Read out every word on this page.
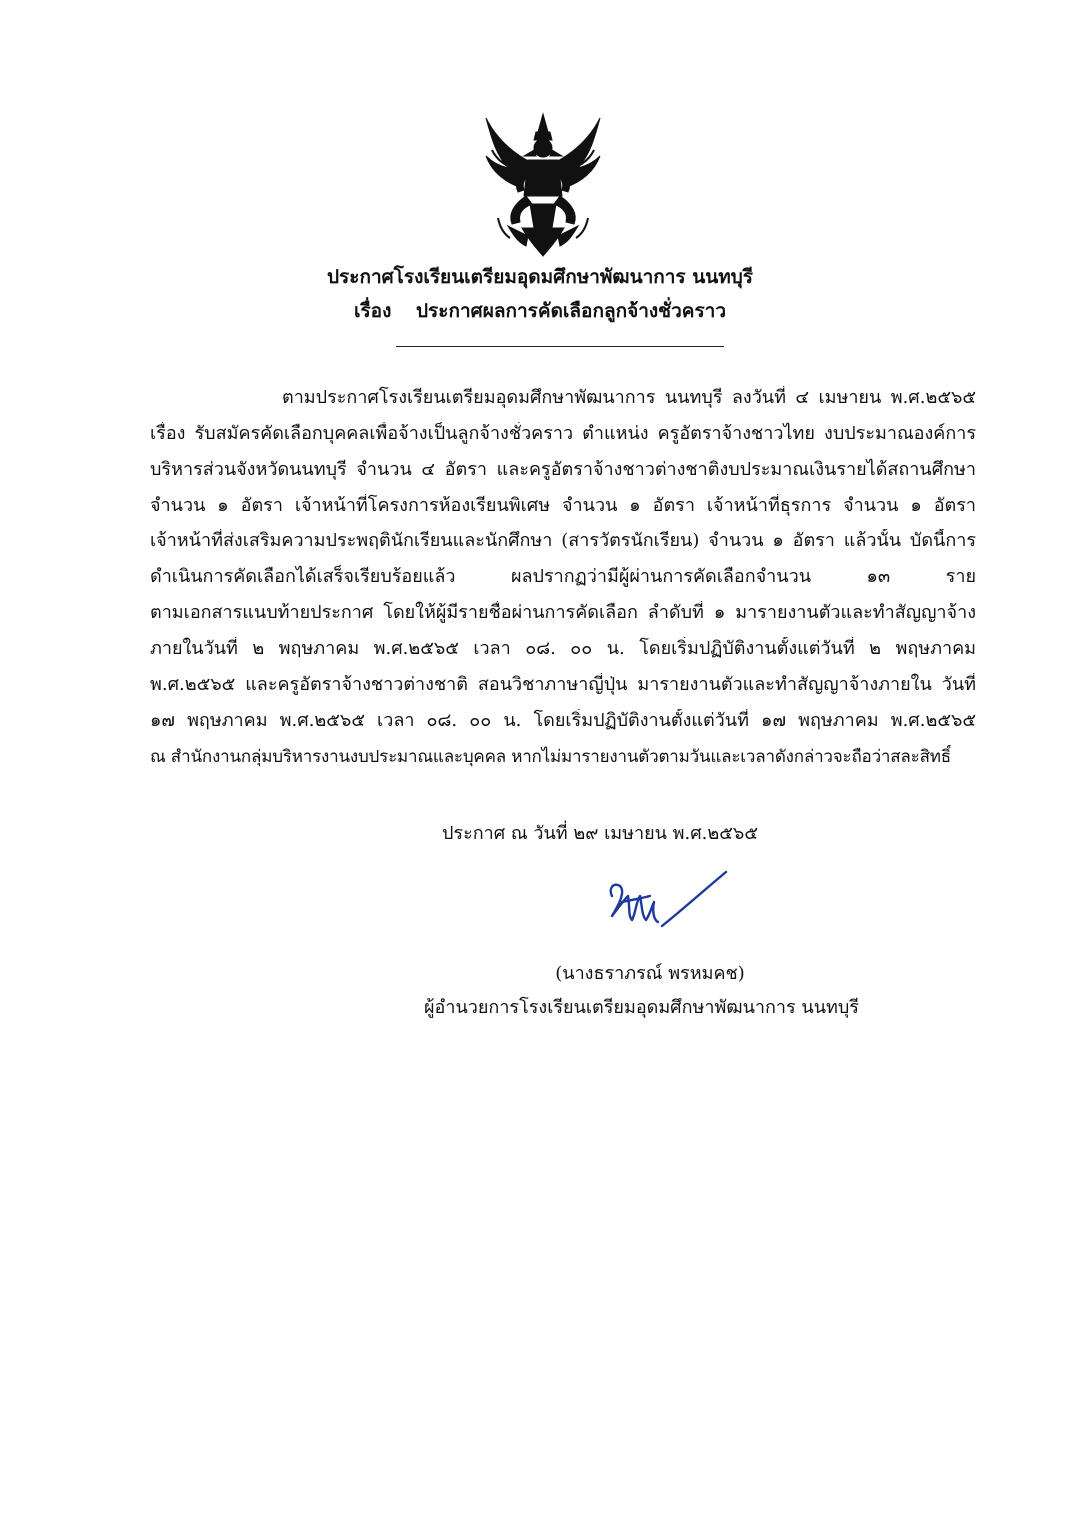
ประกาศโรงเรียนเตรียมอุดมศึกษาพัฒนาการ นนทบุรี
เรื่อง ประกาศผลการคัดเลือกลูกจ้างชั่วคราว
ตามประกาศโรงเรียนเตรียมอุดมศึกษาพัฒนาการ นนทบุรี ลงวันที่ ๔ เมษายน พ.ศ.๒๕๖๕
เรื่อง รับสมัครคัดเลือกบุคคลเพื่อจ้างเป็นลูกจ้างชั่วคราว ตำแหน่ง ครูอัตราจ้างชาวไทย งบประมาณองค์การ
บริหารส่วนจังหวัดนนทบุรี จำนวน ๔ อัตรา และครูอัตราจ้างชาวต่างชาติงบประมาณเงินรายได้สถานศึกษา
จำนวน ๑ อัตรา เจ้าหน้าที่โครงการห้องเรียนพิเศษ จำนวน ๑ อัตรา เจ้าหน้าที่ธุรการ จำนวน ๑ อัตรา
เจ้าหน้าที่ส่งเสริมความประพฤตินักเรียนและนักศึกษา (สารวัตรนักเรียน) จำนวน ๑ อัตรา แล้วนั้น บัดนี้การ
ดำเนินการคัดเลือกได้เสร็จเรียบร้อยแล้ว ผลปรากฏว่ามีผู้ผ่านการคัดเลือกจำนวน ๑๓ ราย
ตามเอกสารแนบท้ายประกาศ โดยให้ผู้มีรายชื่อผ่านการคัดเลือก ลำดับที่ ๑ มารายงานตัวและทำสัญญาจ้าง
ภายในวันที่ ๒ พฤษภาคม พ.ศ.๒๕๖๕ เวลา ๐๘. ๐๐ น. โดยเริ่มปฏิบัติงานตั้งแต่วันที่ ๒ พฤษภาคม
พ.ศ.๒๕๖๕ และครูอัตราจ้างชาวต่างชาติ สอนวิชาภาษาญี่ปุ่น มารายงานตัวและทำสัญญาจ้างภายใน วันที่
๑๗ พฤษภาคม พ.ศ.๒๕๖๕ เวลา ๐๘. ๐๐ น. โดยเริ่มปฏิบัติงานตั้งแต่วันที่ ๑๗ พฤษภาคม พ.ศ.๒๕๖๕
ณ สำนักงานกลุ่มบริหารงานงบประมาณและบุคคล หากไม่มารายงานตัวตามวันและเวลาดังกล่าวจะถือว่าสละสิทธิ์
ประกาศ ณ วันที่ ๒๙ เมษายน พ.ศ.๒๕๖๕
(นางธราภรณ์ พรหมคช)
ผู้อำนวยการโรงเรียนเตรียมอุดมศึกษาพัฒนาการ นนทบุรี
